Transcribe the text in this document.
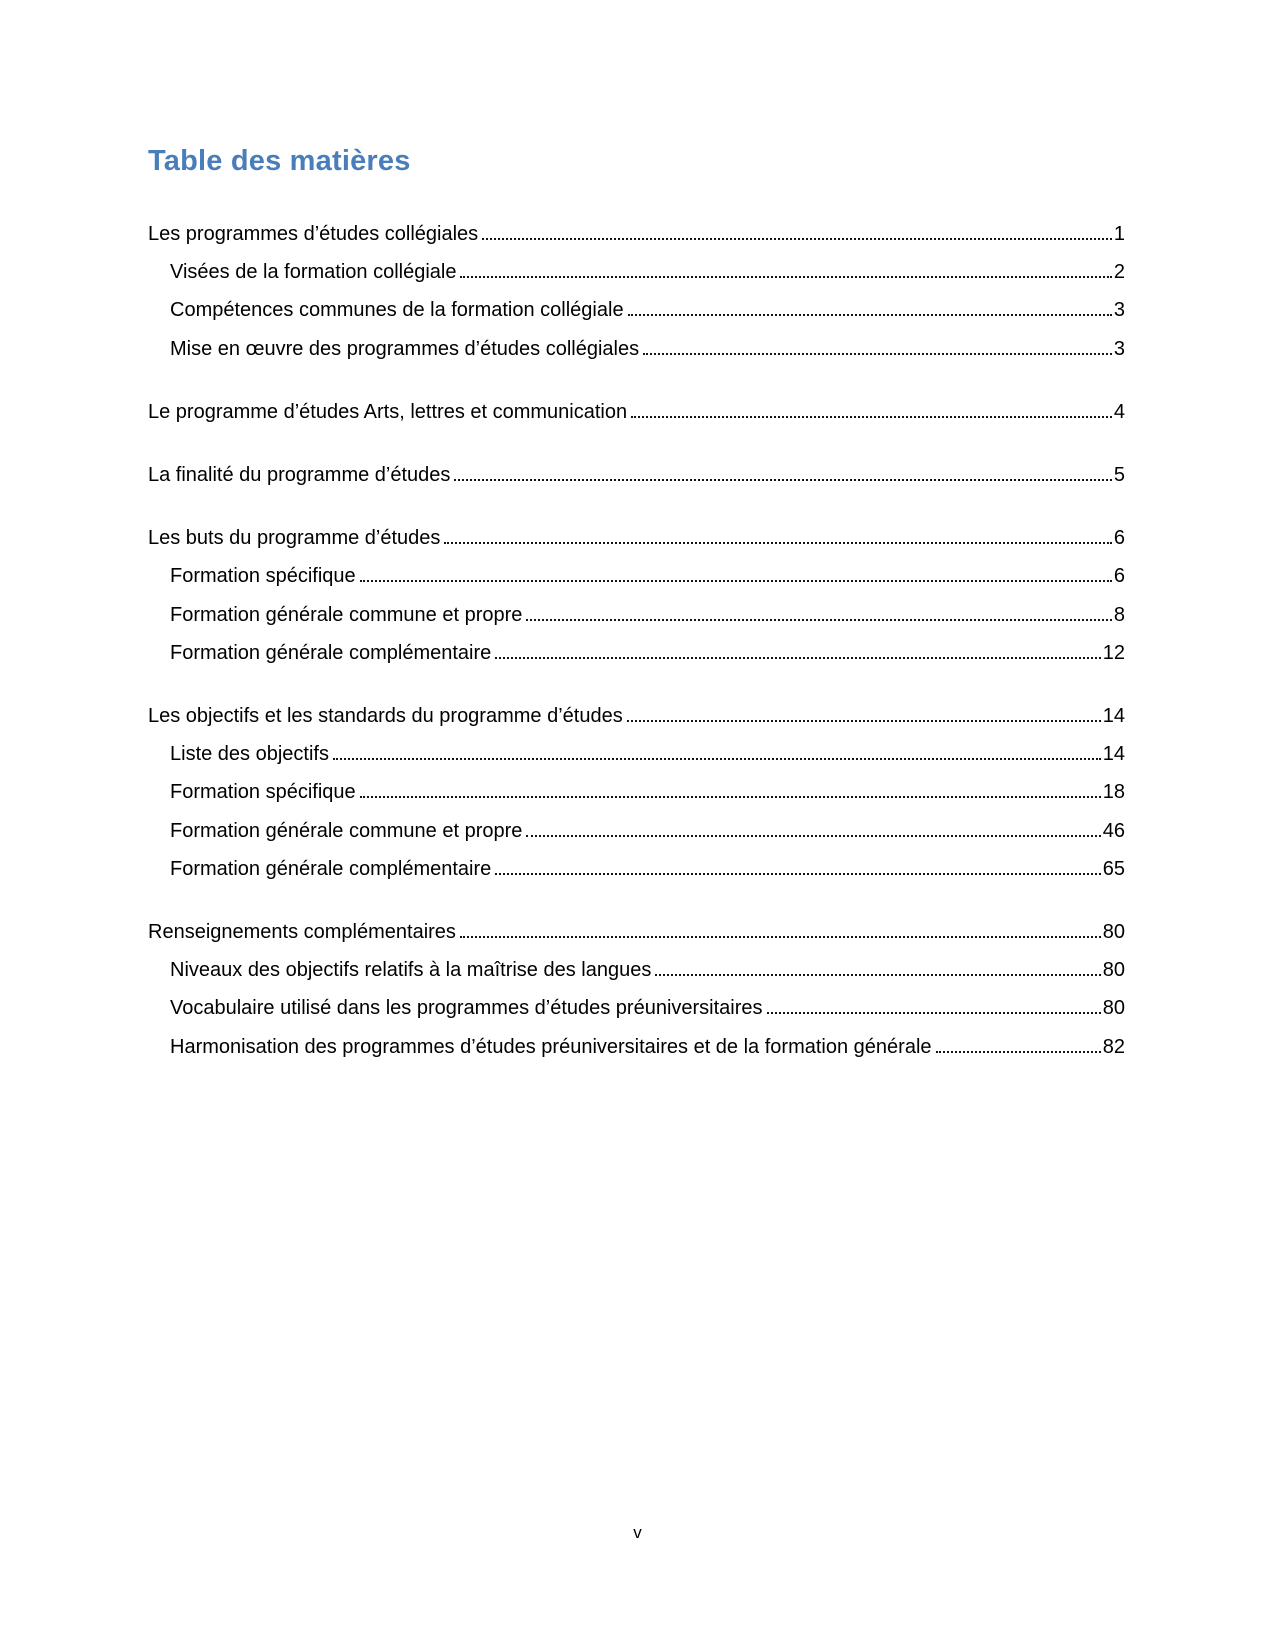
Table des matières
Les programmes d’études collégiales	1
Visées de la formation collégiale	2
Compétences communes de la formation collégiale	3
Mise en œuvre des programmes d’études collégiales	3
Le programme d’études Arts, lettres et communication	4
La finalité du programme d’études	5
Les buts du programme d’études	6
Formation spécifique	6
Formation générale commune et propre	8
Formation générale complémentaire	12
Les objectifs et les standards du programme d’études	14
Liste des objectifs	14
Formation spécifique	18
Formation générale commune et propre	46
Formation générale complémentaire	65
Renseignements complémentaires	80
Niveaux des objectifs relatifs à la maîtrise des langues	80
Vocabulaire utilisé dans les programmes d’études préuniversitaires	80
Harmonisation des programmes d’études préuniversitaires et de la formation générale	82
v
